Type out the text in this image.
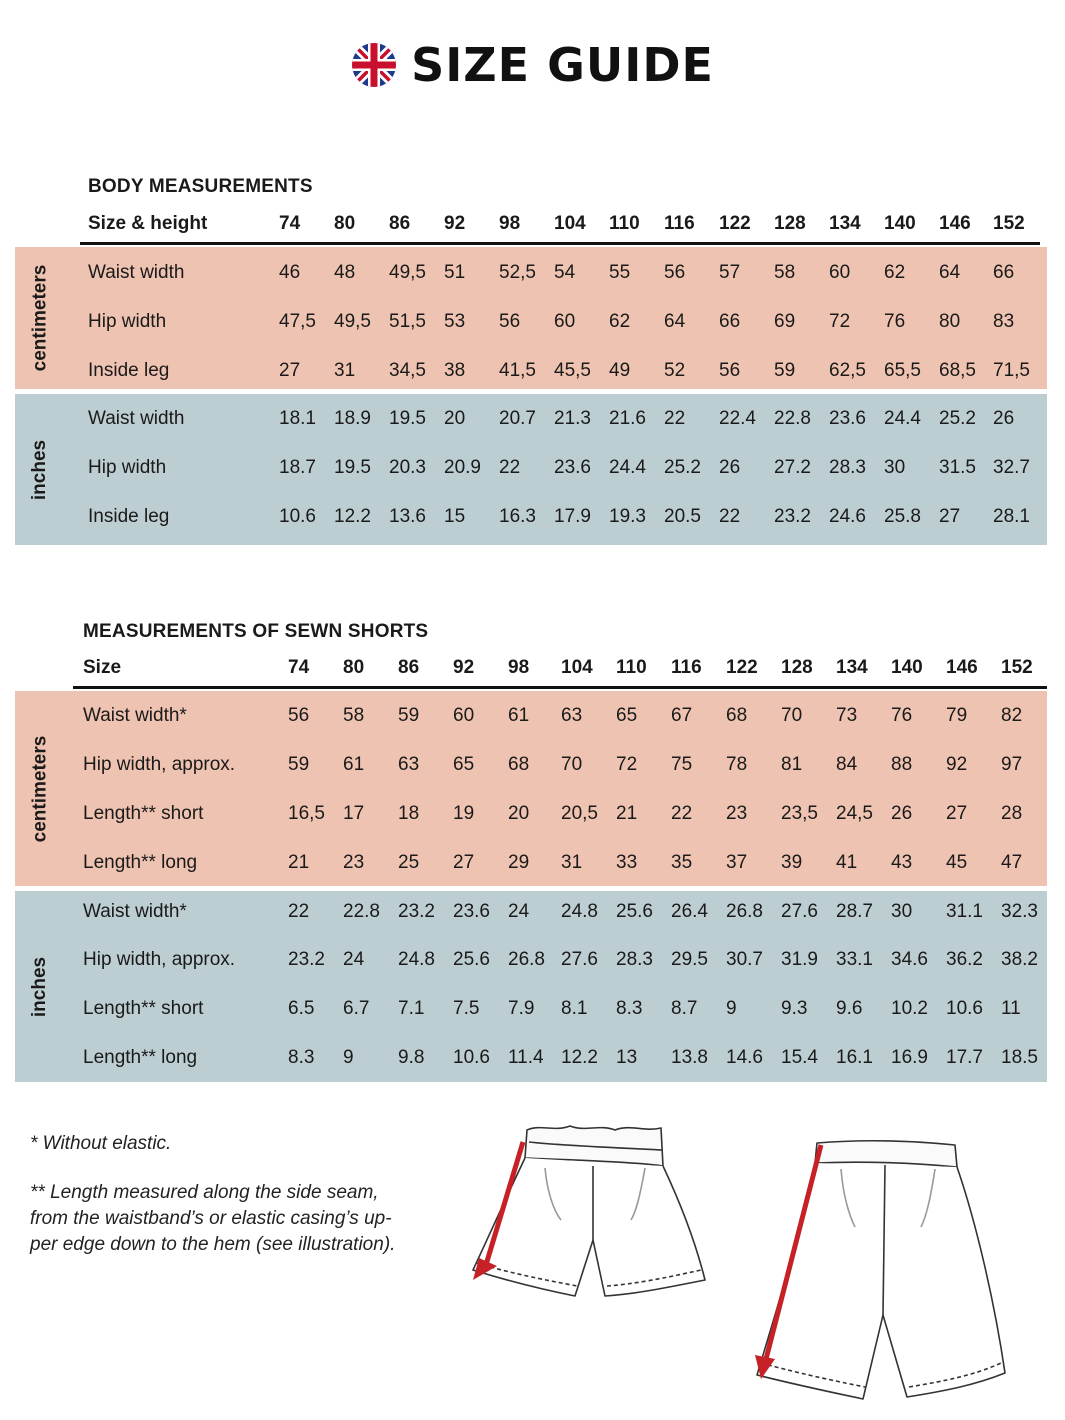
SIZE GUIDE
BODY MEASUREMENTS
Size & height	74 80 86 92 98 104 110 116 122 128 134 140 146 152
centimeters
inches
Waist width	46 48 49,5 51 52,5 54 55 56 57 58 60 62 64 66
Hip width	47,5 49,5 51,5 53 56 60 62 64 66 69 72 76 80 83
Inside leg	27 31 34,5 38 41,5 45,5 49 52 56 59 62,5 65,5 68,5 71,5
Waist width	18.1 18.9 19.5 20 20.7 21.3 21.6 22 22.4 22.8 23.6 24.4 25.2 26
Hip width	18.7 19.5 20.3 20.9 22 23.6 24.4 25.2 26 27.2 28.3 30 31.5 32.7
Inside leg	10.6 12.2 13.6 15 16.3 17.9 19.3 20.5 22 23.2 24.6 25.8 27 28.1
MEASUREMENTS OF SEWN SHORTS
Size	74 80 86 92 98 104 110 116 122 128 134 140 146 152
centimeters
inches
Waist width*	56 58 59 60 61 63 65 67 68 70 73 76 79 82
Hip width, approx.	59 61 63 65 68 70 72 75 78 81 84 88 92 97
Length** short	16,5 17 18 19 20 20,5 21 22 23 23,5 24,5 26 27 28
Length** long	21 23 25 27 29 31 33 35 37 39 41 43 45 47
Waist width*	22 22.8 23.2 23.6 24 24.8 25.6 26.4 26.8 27.6 28.7 30 31.1 32.3
Hip width, approx.	23.2 24 24.8 25.6 26.8 27.6 28.3 29.5 30.7 31.9 33.1 34.6 36.2 38.2
Length** short	6.5 6.7 7.1 7.5 7.9 8.1 8.3 8.7 9 9.3 9.6 10.2 10.6 11
Length** long	8.3 9 9.8 10.6 11.4 12.2 13 13.8 14.6 15.4 16.1 16.9 17.7 18.5
* Without elastic.
** Length measured along the side seam,
from the waistband’s or elastic casing’s up-
per edge down to the hem (see illustration).
